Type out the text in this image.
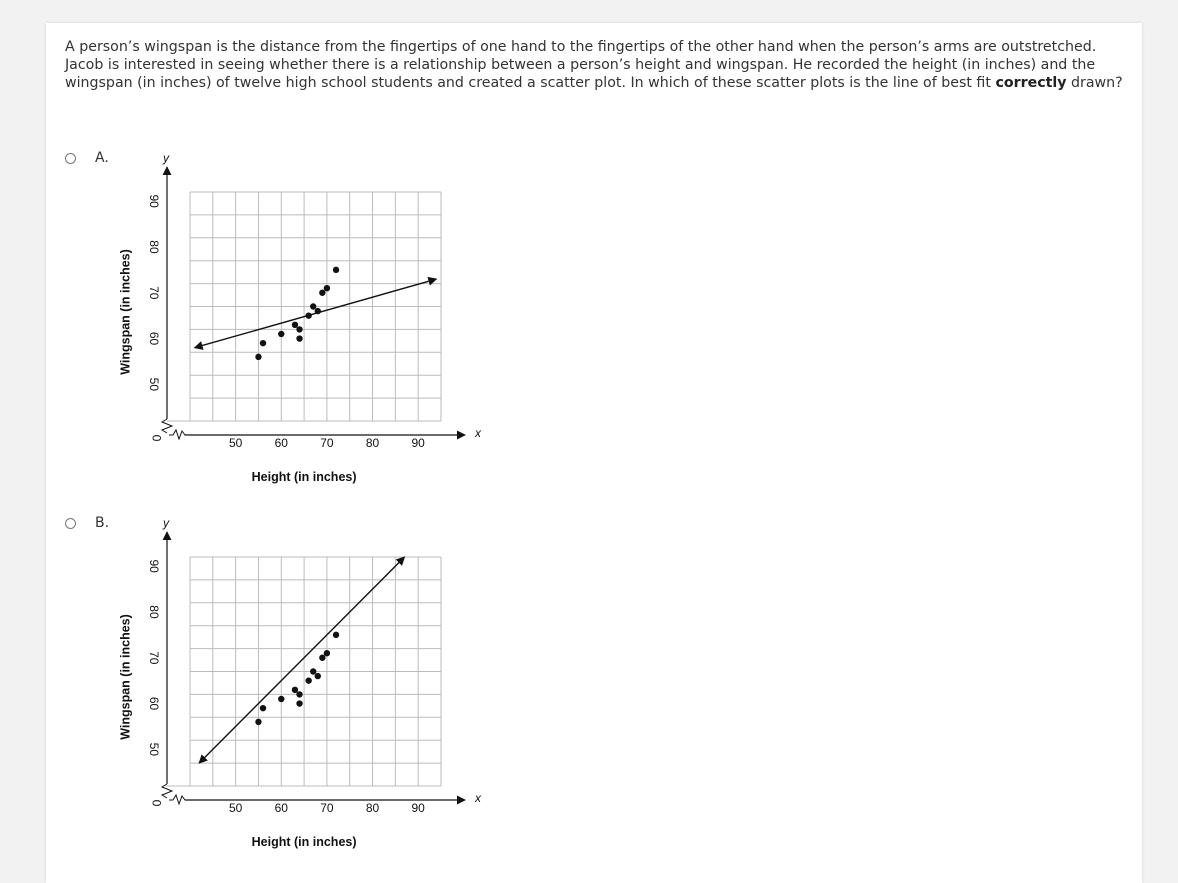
A person’s wingspan is the distance from the fingertips of one hand to the fingertips of the other hand when the person’s arms are outstretched. Jacob is interested in seeing whether there is a relationship between a person’s height and wingspan. He recorded the height (in inches) and the wingspan (in inches) of twelve high school students and created a scatter plot. In which of these scatter plots is the line of best fit correctly drawn?
A.
B.
y
x
0	50	60	70	80	90
50
60
70
80
90
Height (in inches)
Wingspan (in inches)
y
x
0	50	60	70	80	90
50
60
70
80
90
Height (in inches)
Wingspan (in inches)
